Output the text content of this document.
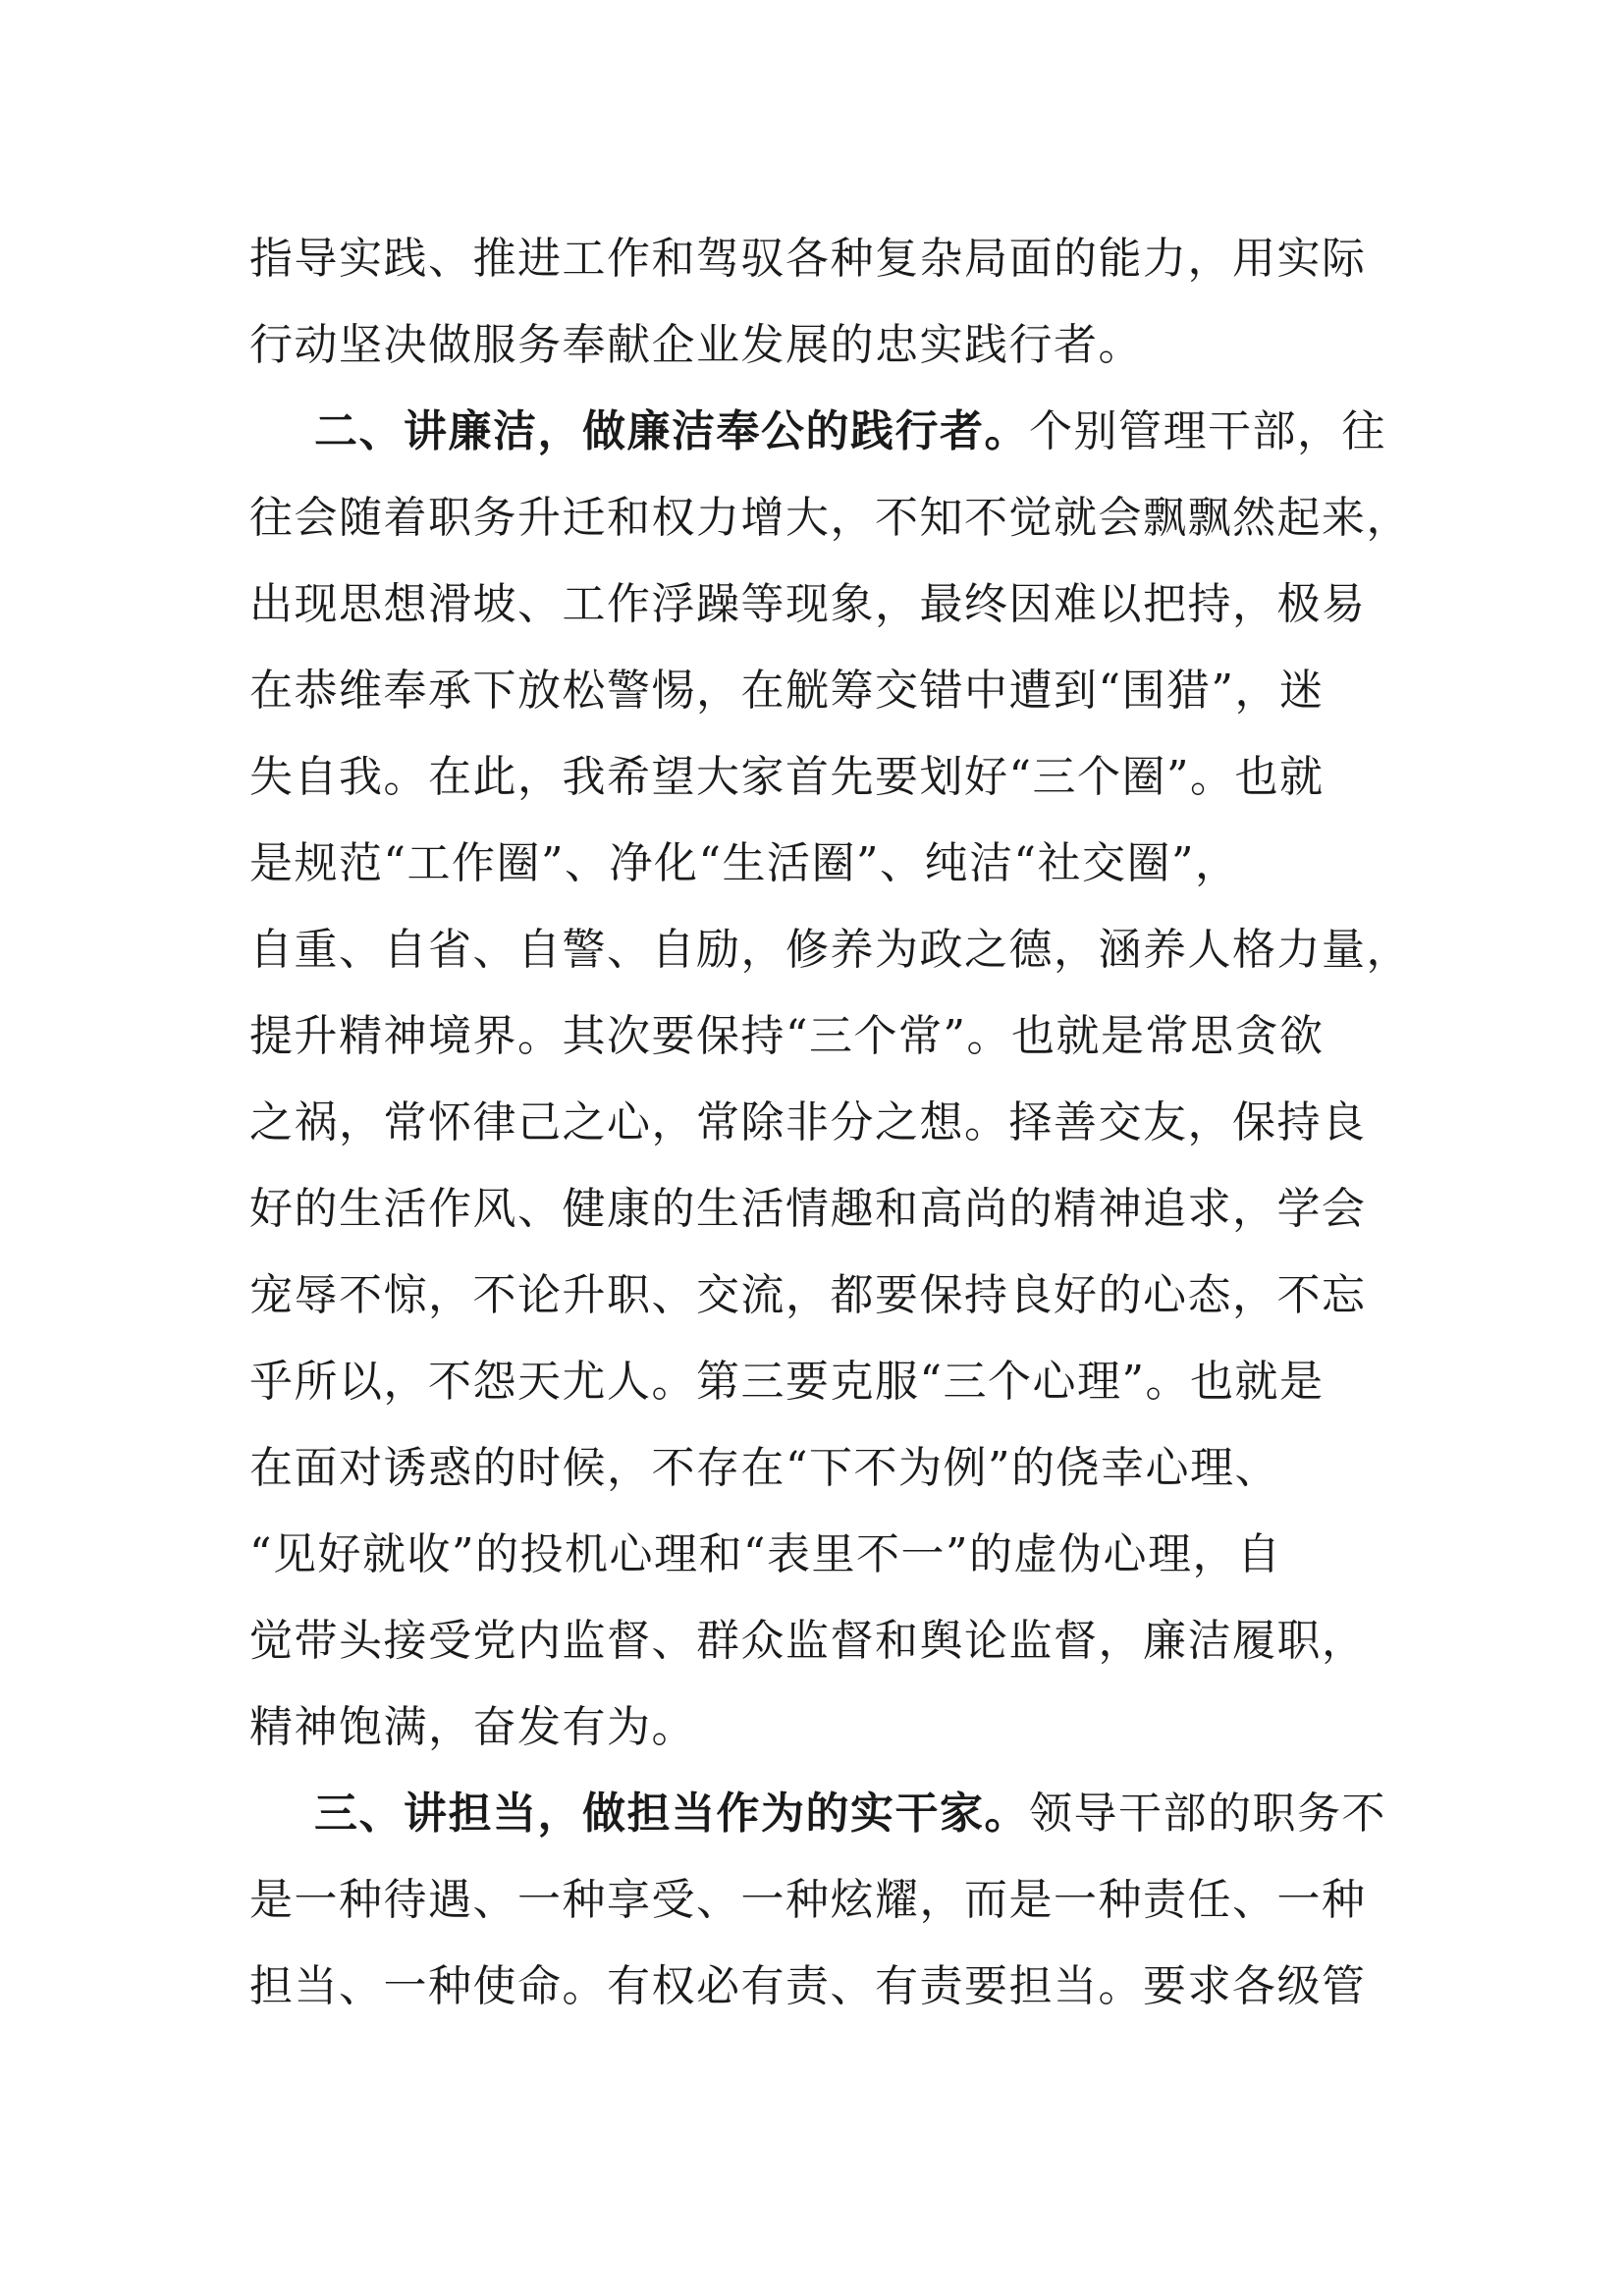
指导实践、推进工作和驾驭各种复杂局面的能力，用实际
行动坚决做服务奉献企业发展的忠实践行者。
二、讲廉洁，做廉洁奉公的践行者。个别管理干部，往
往会随着职务升迁和权力增大，不知不觉就会飘飘然起来，
出现思想滑坡、工作浮躁等现象，最终因难以把持，极易
在恭维奉承下放松警惕，在觥筹交错中遭到“围猎”，迷
失自我。在此，我希望大家首先要划好“三个圈”。也就
是规范“工作圈”、净化“生活圈”、纯洁“社交圈”，
自重、自省、自警、自励，修养为政之德，涵养人格力量，
提升精神境界。其次要保持“三个常”。也就是常思贪欲
之祸，常怀律己之心，常除非分之想。择善交友，保持良
好的生活作风、健康的生活情趣和高尚的精神追求，学会
宠辱不惊，不论升职、交流，都要保持良好的心态，不忘
乎所以，不怨天尤人。第三要克服“三个心理”。也就是
在面对诱惑的时候，不存在“下不为例”的侥幸心理、
“见好就收”的投机心理和“表里不一”的虚伪心理，自
觉带头接受党内监督、群众监督和舆论监督，廉洁履职，
精神饱满，奋发有为。
三、讲担当，做担当作为的实干家。领导干部的职务不
是一种待遇、一种享受、一种炫耀，而是一种责任、一种
担当、一种使命。有权必有责、有责要担当。要求各级管
